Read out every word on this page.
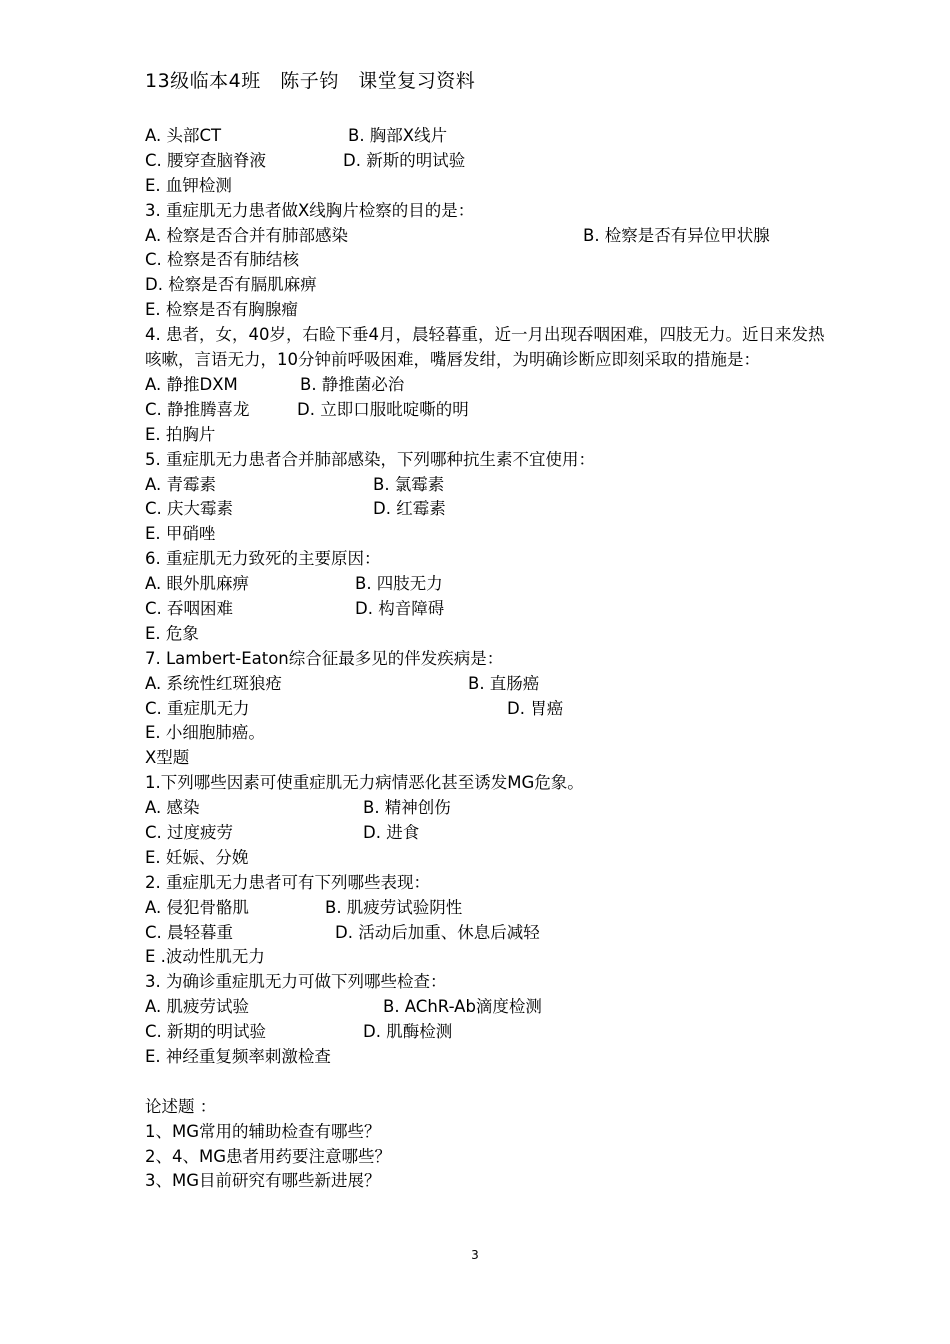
13级临本4班　陈子钧　课堂复习资料

A. 头部CT

	B. 胸部X线片

C. 腰穿查脑脊液

	D. 新斯的明试验

E. 血钾检测
3. 重症肌无力患者做X线胸片检察的目的是：

A. 检察是否合并有肺部感染

	B. 检察是否有异位甲状腺

C. 检察是否有肺结核
D. 检察是否有膈肌麻痹
E. 检察是否有胸腺瘤
4. 患者，女，40岁，右睑下垂4月，晨轻暮重，近一月出现吞咽困难，四肢无力。近日来发热咳嗽，言语无力，10分钟前呼吸困难，嘴唇发绀，为明确诊断应即刻采取的措施是：

A. 静推DXM

	B. 静推菌必治

C. 静推腾喜龙

	D. 立即口服吡啶嘶的明

E. 拍胸片
5. 重症肌无力患者合并肺部感染，下列哪种抗生素不宜使用：

A. 青霉素

	B. 氯霉素

C. 庆大霉素

	D. 红霉素

E. 甲硝唑
6. 重症肌无力致死的主要原因：

A. 眼外肌麻痹

	B. 四肢无力

C. 吞咽困难

	D. 构音障碍

E. 危象
7. Lambert-Eaton综合征最多见的伴发疾病是：

A. 系统性红斑狼疮

	B. 直肠癌

C. 重症肌无力

	D. 胃癌

E. 小细胞肺癌。
X型题
1.下列哪些因素可使重症肌无力病情恶化甚至诱发MG危象。

A. 感染

	B. 精神创伤

C. 过度疲劳

	D. 进食

E. 妊娠、分娩
2. 重症肌无力患者可有下列哪些表现：

A. 侵犯骨骼肌

	B. 肌疲劳试验阴性

C. 晨轻暮重

	D. 活动后加重、休息后减轻

E .波动性肌无力
3. 为确诊重症肌无力可做下列哪些检查：

A. 肌疲劳试验

	B. AChR-Ab滴度检测

C. 新期的明试验

	D. 肌酶检测

E. 神经重复频率刺激检查
论述题 ：
1、MG常用的辅助检查有哪些？
2、4、MG患者用药要注意哪些？
3、MG目前研究有哪些新进展？
3
